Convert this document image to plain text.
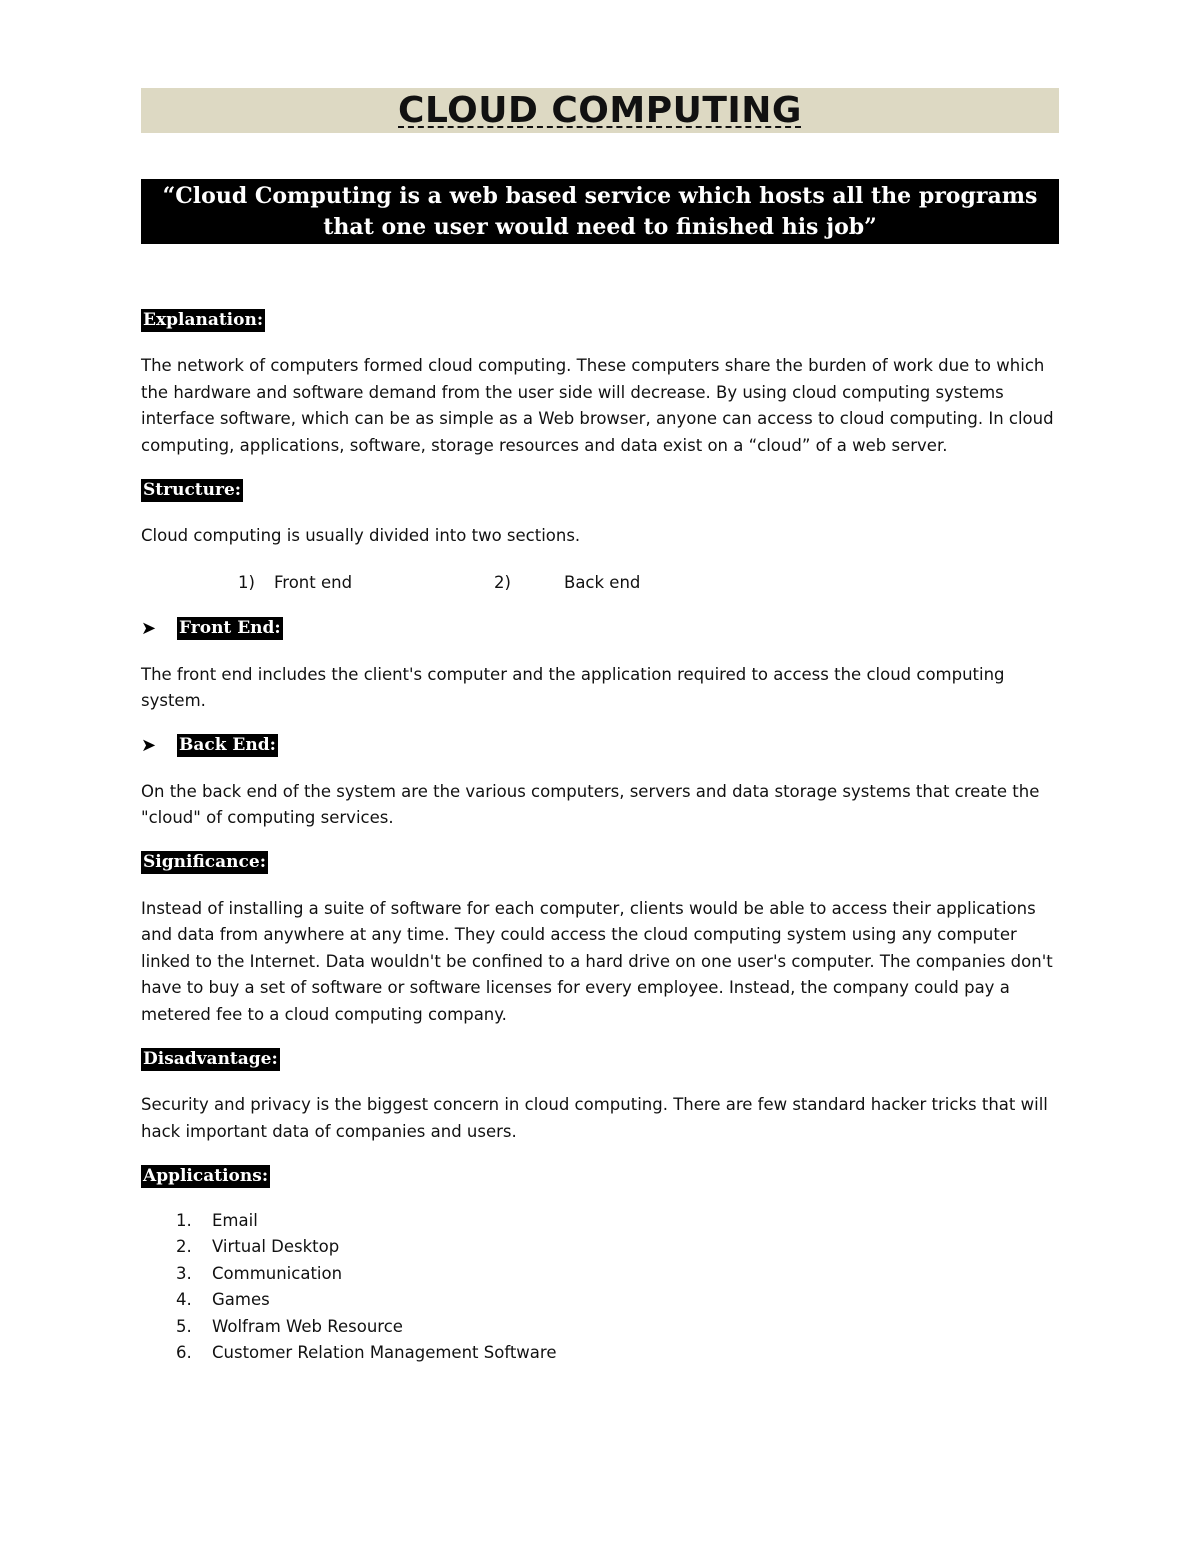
CLOUD COMPUTING
“Cloud Computing is a web based service which hosts all the programs that one user would need to finished his job”
Explanation:

The network of computers formed cloud computing. These computers share the burden of work due to which the hardware and software demand from the user side will decrease. By using cloud computing systems interface software, which can be as simple as a Web browser, anyone can access to cloud computing. In cloud computing, applications, software, storage resources and data exist on a “cloud” of a web server.

Structure:

Cloud computing is usually divided into two sections.

1)	Front end	2)	Back end
➤	Front End:

The front end includes the client's computer and the application required to access the cloud computing system.

➤	Back End:

On the back end of the system are the various computers, servers and data storage systems that create the "cloud" of computing services.

Significance:

Instead of installing a suite of software for each computer, clients would be able to access their applications and data from anywhere at any time. They could access the cloud computing system using any computer linked to the Internet. Data wouldn't be confined to a hard drive on one user's computer. The companies don't have to buy a set of software or software licenses for every employee. Instead, the company could pay a metered fee to a cloud computing company.

Disadvantage:

Security and privacy is the biggest concern in cloud computing. There are few standard hacker tricks that will hack important data of companies and users.

Applications:
1.	Email
2.	Virtual Desktop
3.	Communication
4.	Games
5.	Wolfram Web Resource
6.	Customer Relation Management Software
